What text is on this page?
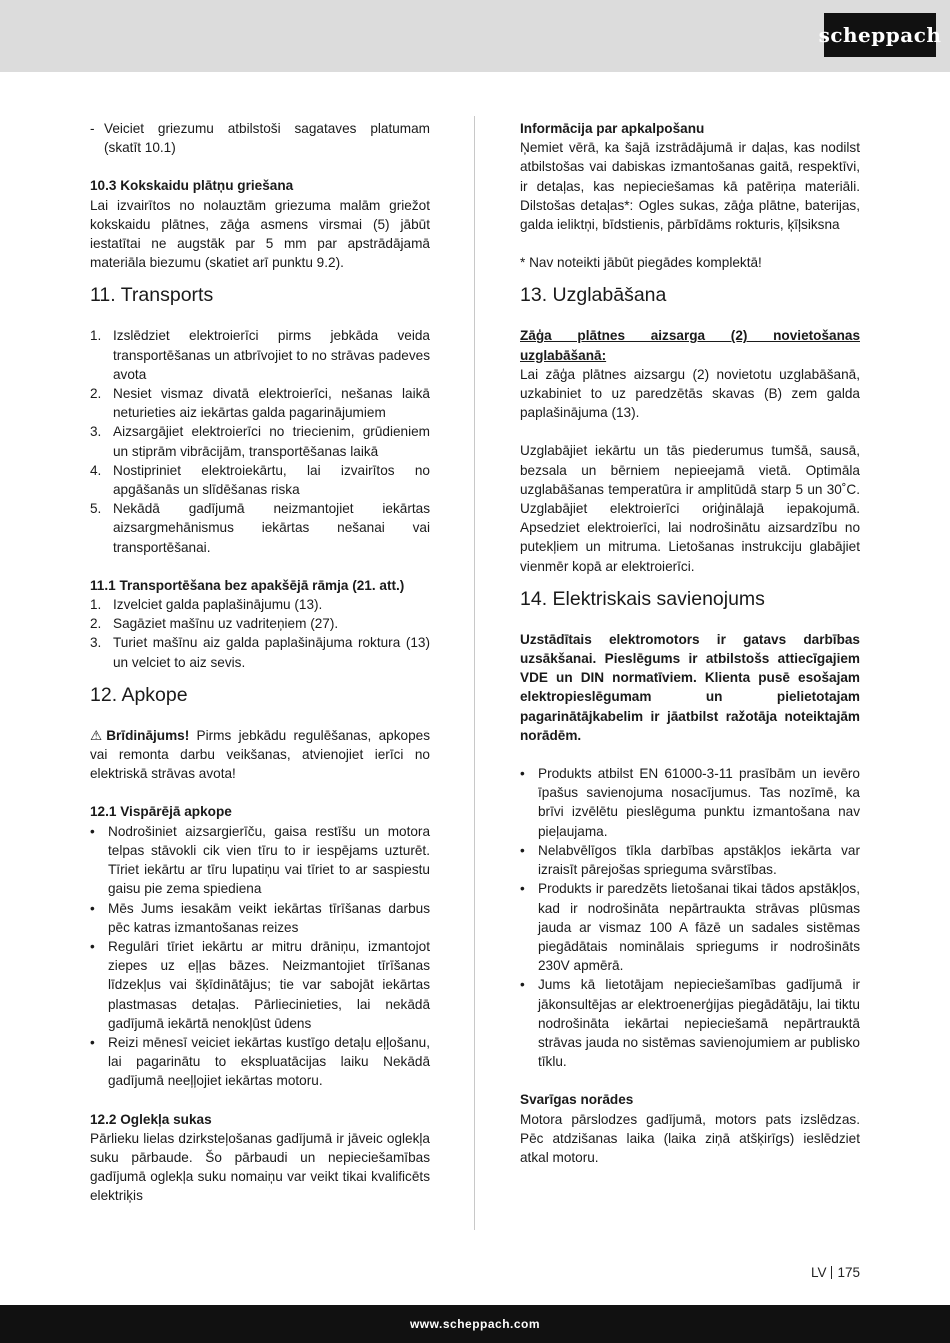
scheppach
- Veiciet griezumu atbilstoši sagataves platumam (skatīt 10.1)

10.3 Kokskaidu plātņu griešana

Lai izvairītos no nolauztām griezuma malām griežot kokskaidu plātnes, zāģa asmens virsmai (5) jābūt iestatītai ne augstāk par 5 mm par apstrādājamā materiāla biezumu (skatiet arī punktu 9.2).

11. Transports
1. Izslēdziet elektroierīci pirms jebkāda veida transportēšanas un atbrīvojiet to no strāvas padeves avota
2. Nesiet vismaz divatā elektroierīci, nešanas laikā neturieties aiz iekārtas galda pagarinājumiem
3. Aizsargājiet elektroierīci no triecienim, grūdieniem un stiprām vibrācijām, transportēšanas laikā
4. Nostipriniet elektroiekārtu, lai izvairītos no apgāšanās un slīdēšanas riska
5. Nekādā gadījumā neizmantojiet iekārtas aizsargmehānismus iekārtas nešanai vai transportēšanai.

11.1 Transportēšana bez apakšējā rāmja (21. att.)

1. Izvelciet galda paplašinājumu (13).
2. Sagāziet mašīnu uz vadriteņiem (27).
3. Turiet mašīnu aiz galda paplašinājuma roktura (13) un velciet to aiz sevis.
12. Apkope

⚠ Brīdinājums! Pirms jebkādu regulēšanas, apkopes vai remonta darbu veikšanas, atvienojiet ierīci no elektriskā strāvas avota!

12.1 Vispārējā apkope

• Nodrošiniet aizsargierīču, gaisa restīšu un motora telpas stāvokli cik vien tīru to ir iespējams uzturēt. Tīriet iekārtu ar tīru lupatiņu vai tīriet to ar saspiestu gaisu pie zema spiediena
• Mēs Jums iesakām veikt iekārtas tīrīšanas darbus pēc katras izmantošanas reizes
• Regulāri tīriet iekārtu ar mitru drāniņu, izmantojot ziepes uz eļļas bāzes. Neizmantojiet tīrīšanas līdzekļus vai šķīdinātājus; tie var sabojāt iekārtas plastmasas detaļas. Pārliecinieties, lai nekādā gadījumā iekārtā nenokļūst ūdens
• Reizi mēnesī veiciet iekārtas kustīgo detaļu eļļošanu, lai pagarinātu to ekspluatācijas laiku Nekādā gadījumā neeļļojiet iekārtas motoru.

12.2 Oglekļa sukas

Pārlieku lielas dzirksteļošanas gadījumā ir jāveic oglekļa suku pārbaude. Šo pārbaudi un nepieciešamības gadījumā oglekļa suku nomaiņu var veikt tikai kvalificēts elektriķis

Informācija par apkalpošanu

Ņemiet vērā, ka šajā izstrādājumā ir daļas, kas nodilst atbilstošas vai dabiskas izmantošanas gaitā, respektīvi, ir detaļas, kas nepieciešamas kā patēriņa materiāli. Dilstošas detaļas*: Ogles sukas, zāģa plātne, baterijas, galda ieliktņi, bīdstienis, pārbīdāms rokturis, ķīļsiksna

* Nav noteikti jābūt piegādes komplektā!

13. Uzglabāšana

Zāģa plātnes aizsarga (2) novietošanas uzglabāšanā:

Lai zāģa plātnes aizsargu (2) novietotu uzglabāšanā, uzkabiniet to uz paredzētās skavas (B) zem galda paplašinājuma (13).

Uzglabājiet iekārtu un tās piederumus tumšā, sausā, bezsala un bērniem nepieejamā vietā. Optimāla uzglabāšanas temperatūra ir amplitūdā starp 5 un 30˚C. Uzglabājiet elektroierīci oriģinālajā iepakojumā. Apsedziet elektroierīci, lai nodrošinātu aizsardzību no putekļiem un mitruma. Lietošanas instrukciju glabājiet vienmēr kopā ar elektroierīci.

14. Elektriskais savienojums

Uzstādītais elektromotors ir gatavs darbības uzsākšanai. Pieslēgums ir atbilstošs attiecīgajiem VDE un DIN normatīviem. Klienta pusē esošajam elektropieslēgumam un pielietotajam pagarinātājkabelim ir jāatbilst ražotāja noteiktajām norādēm.

• Produkts atbilst EN 61000-3-11 prasībām un ievēro īpašus savienojuma nosacījumus. Tas nozīmē, ka brīvi izvēlētu pieslēguma punktu izmantošana nav pieļaujama.
• Nelabvēlīgos tīkla darbības apstākļos iekārta var izraisīt pārejošas sprieguma svārstības.
• Produkts ir paredzēts lietošanai tikai tādos apstākļos, kad ir nodrošināta nepārtraukta strāvas plūsmas jauda ar vismaz 100 A fāzē un sadales sistēmas piegādātais nominālais spriegums ir nodrošināts 230V apmērā.
• Jums kā lietotājam nepieciešamības gadījumā ir jākonsultējas ar elektroenerģijas piegādātāju, lai tiktu nodrošināta iekārtai nepieciešamā nepārtrauktā strāvas jauda no sistēmas savienojumiem ar publisko tīklu.

Svarīgas norādes

Motora pārslodzes gadījumā, motors pats izslēdzas. Pēc atdzišanas laika (laika ziņā atšķirīgs) ieslēdziet atkal motoru.

LV 175
www.scheppach.com
